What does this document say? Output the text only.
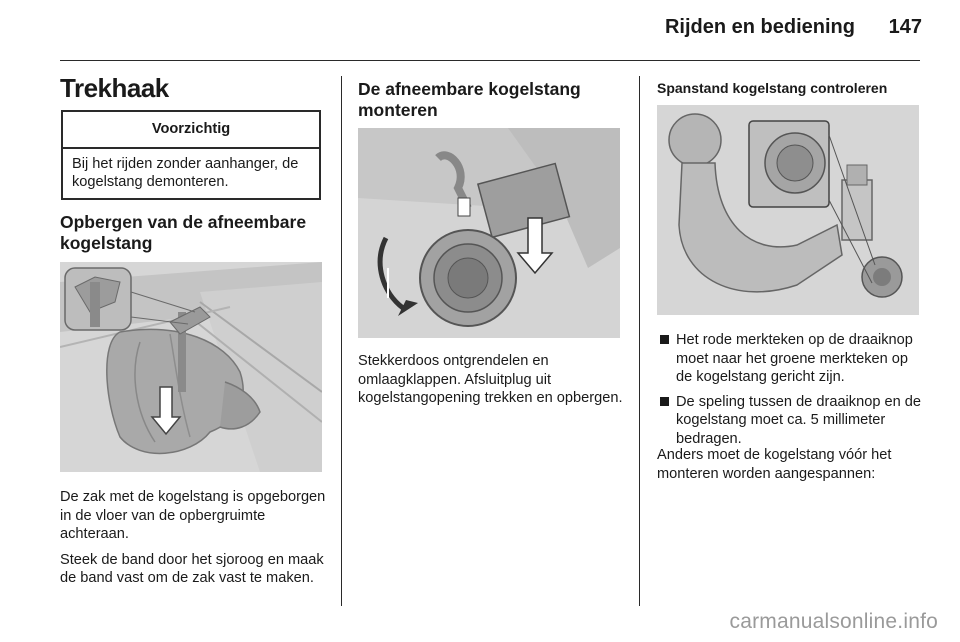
Rijden en bediening 147
Trekhaak
Voorzichtig
Bij het rijden zonder aanhanger, de kogelstang demonteren.
Opbergen van de afneembare kogelstang

De zak met de kogelstang is opgeborgen in de vloer van de opbergruimte achteraan.

Steek de band door het sjoroog en maak de band vast om de zak vast te maken.

De afneembare kogelstang monteren

Stekkerdoos ontgrendelen en omlaagklappen. Afsluitplug uit kogelstangopening trekken en opbergen.

Spanstand kogelstang controleren
Het rode merkteken op de draaiknop moet naar het groene merkteken op de kogelstang gericht zijn.
De speling tussen de draaiknop en de kogelstang moet ca. 5 millimeter bedragen.

Anders moet de kogelstang vóór het monteren worden aangespannen:

carmanualsonline.info
